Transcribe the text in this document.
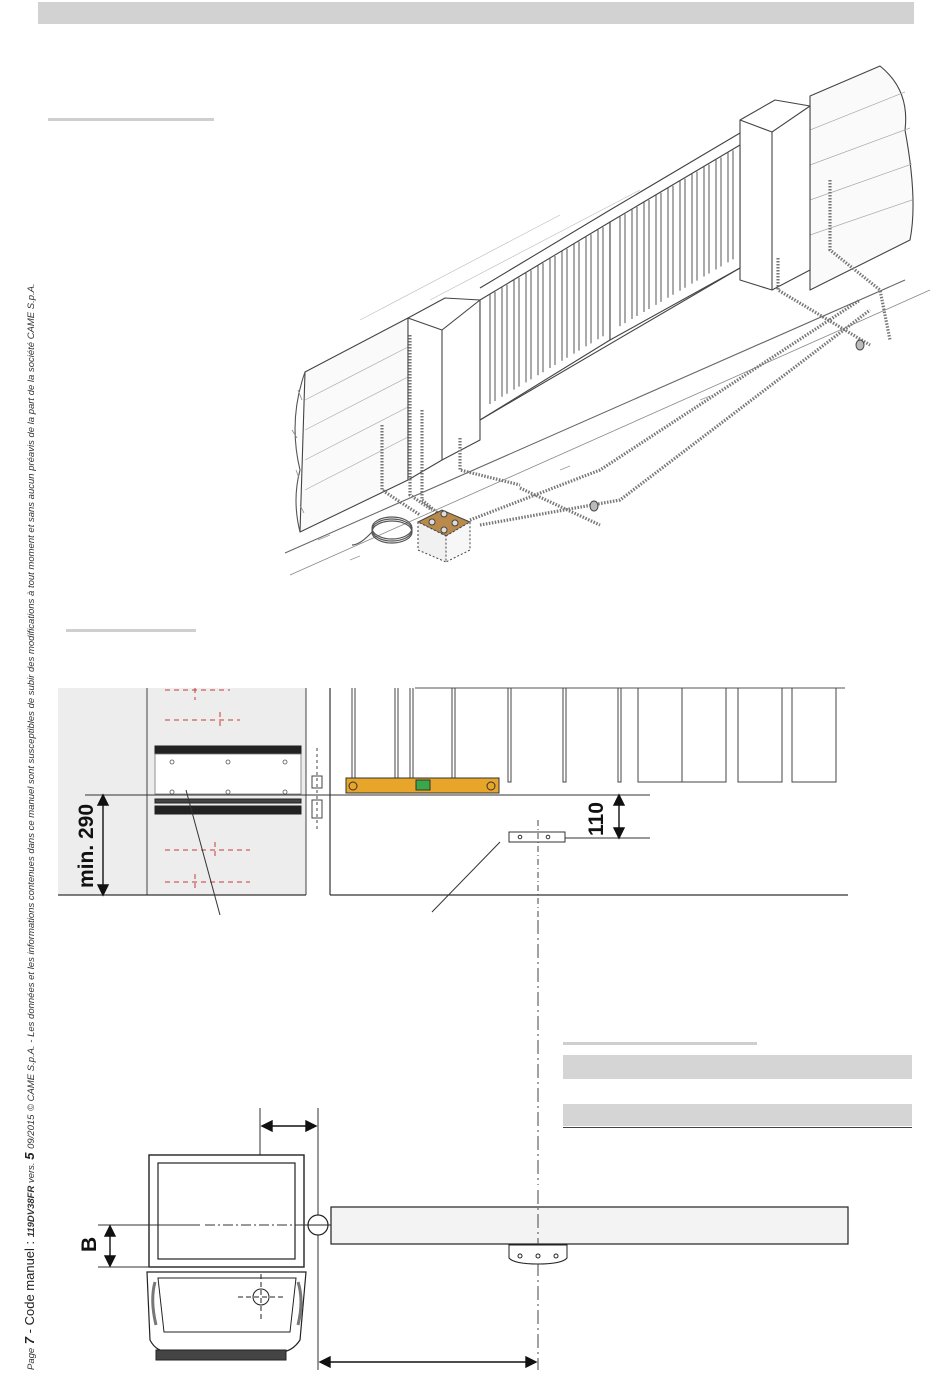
Page 7 - Code manuel : 119DV38FR vers. 5 09/2015 © CAME S.p.A. - Les données et les informations contenues dans ce manuel sont susceptibles de subir des modifications à tout moment et sans aucun préavis de la part de la société CAME S.p.A. min. 290	110
B
